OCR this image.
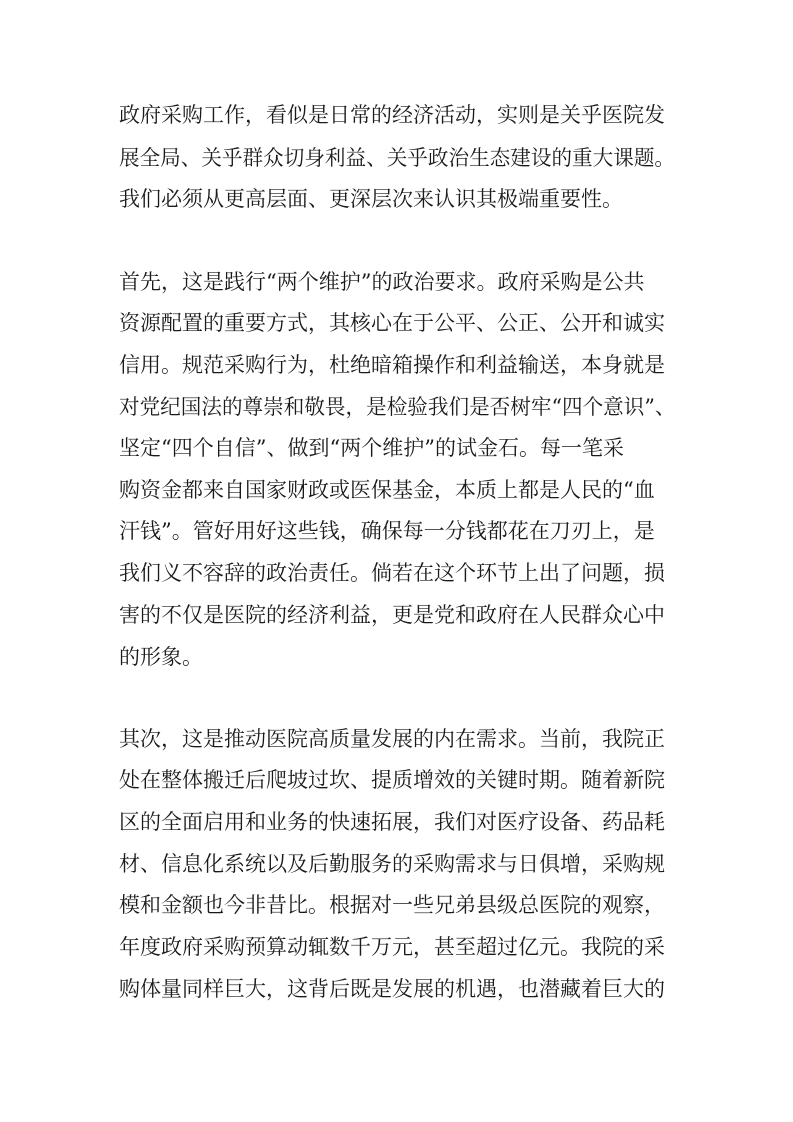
政府采购工作，看似是日常的经济活动，实则是关乎医院发

展全局、关乎群众切身利益、关乎政治生态建设的重大课题。

我们必须从更高层面、更深层次来认识其极端重要性。

首先，这是践行“两个维护”的政治要求。政府采购是公共

资源配置的重要方式，其核心在于公平、公正、公开和诚实

信用。规范采购行为，杜绝暗箱操作和利益输送，本身就是

对党纪国法的尊崇和敬畏，是检验我们是否树牢“四个意识”、

坚定“四个自信”、做到“两个维护”的试金石。每一笔采

购资金都来自国家财政或医保基金，本质上都是人民的“血

汗钱”。管好用好这些钱，确保每一分钱都花在刀刃上，是

我们义不容辞的政治责任。倘若在这个环节上出了问题，损

害的不仅是医院的经济利益，更是党和政府在人民群众心中

的形象。

其次，这是推动医院高质量发展的内在需求。当前，我院正

处在整体搬迁后爬坡过坎、提质增效的关键时期。随着新院

区的全面启用和业务的快速拓展，我们对医疗设备、药品耗

材、信息化系统以及后勤服务的采购需求与日俱增，采购规

模和金额也今非昔比。根据对一些兄弟县级总医院的观察，

年度政府采购预算动辄数千万元，甚至超过亿元。我院的采

购体量同样巨大，这背后既是发展的机遇，也潜藏着巨大的
